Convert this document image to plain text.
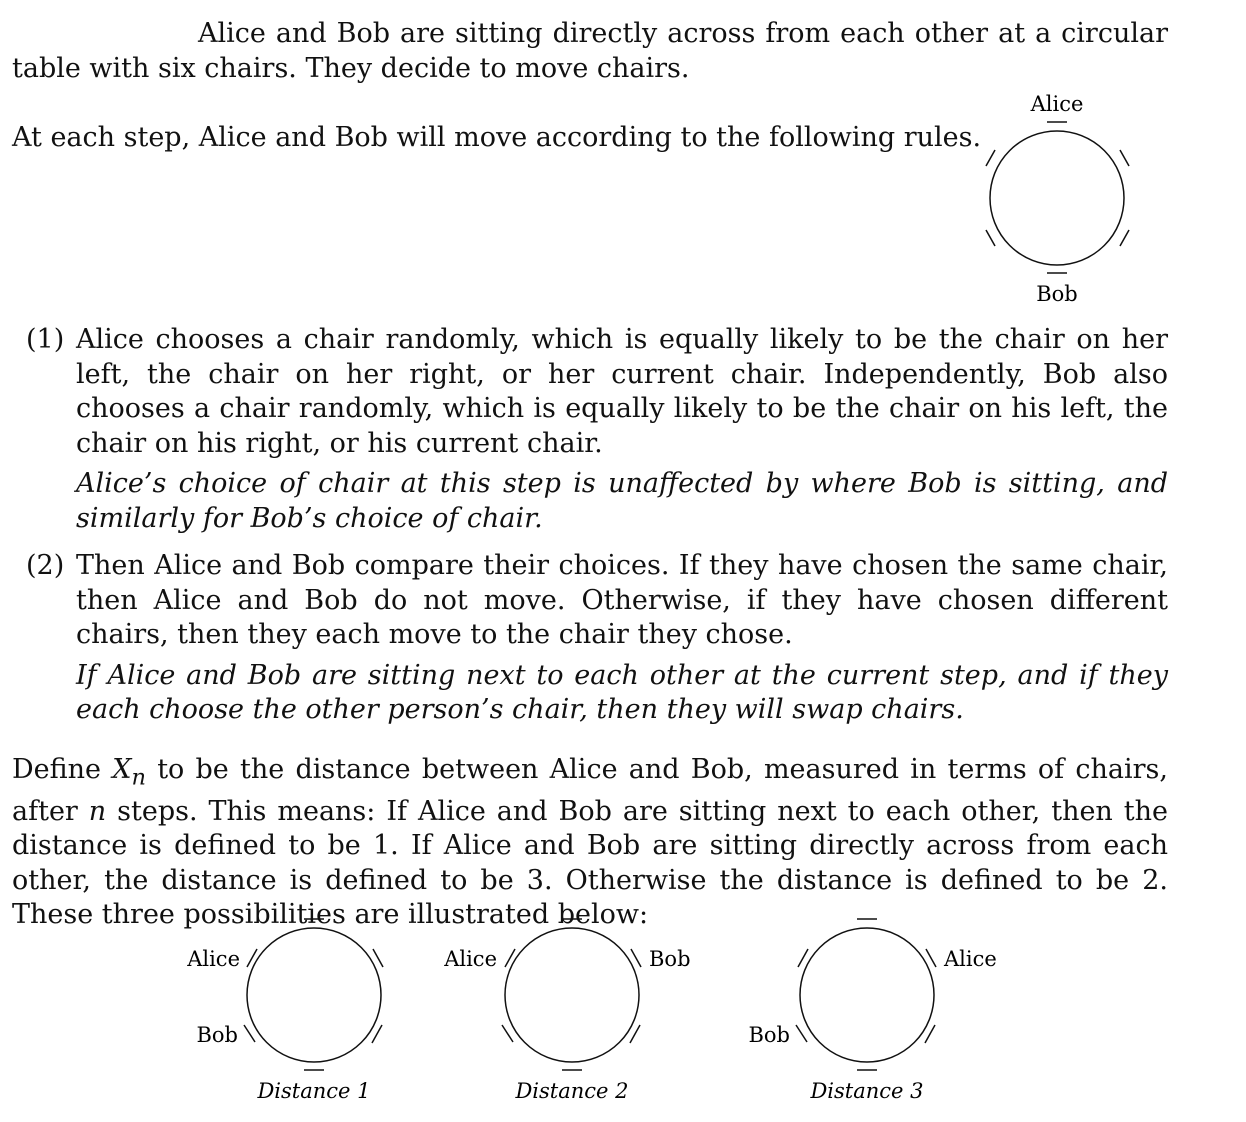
Alice and Bob are sitting directly across from each other at a circular table with six chairs. They decide to move chairs.

At each step, Alice and Bob will move according to the following rules.

Alice
Bob
(1) Alice chooses a chair randomly, which is equally likely to be the chair on her left, the chair on her right, or her current chair. Independently, Bob also chooses a chair randomly, which is equally likely to be the chair on his left, the chair on his right, or his current chair.
Alice’s choice of chair at this step is unaffected by where Bob is sitting, and similarly for Bob’s choice of chair.
(2) Then Alice and Bob compare their choices. If they have chosen the same chair, then Alice and Bob do not move. Otherwise, if they have chosen different chairs, then they each move to the chair they chose.
If Alice and Bob are sitting next to each other at the current step, and if they each choose the other person’s chair, then they will swap chairs.

Define $X_n$ to be the distance between Alice and Bob, measured in terms of chairs, after n steps. This means: If Alice and Bob are sitting next to each other, then the distance is defined to be 1. If Alice and Bob are sitting directly across from each other, the distance is defined to be 3. Otherwise the distance is defined to be 2. These three possibilities are illustrated below:

Alice
Bob
Distance 1
Alice	Bob
Distance 2
Alice
Bob
Distance 3
